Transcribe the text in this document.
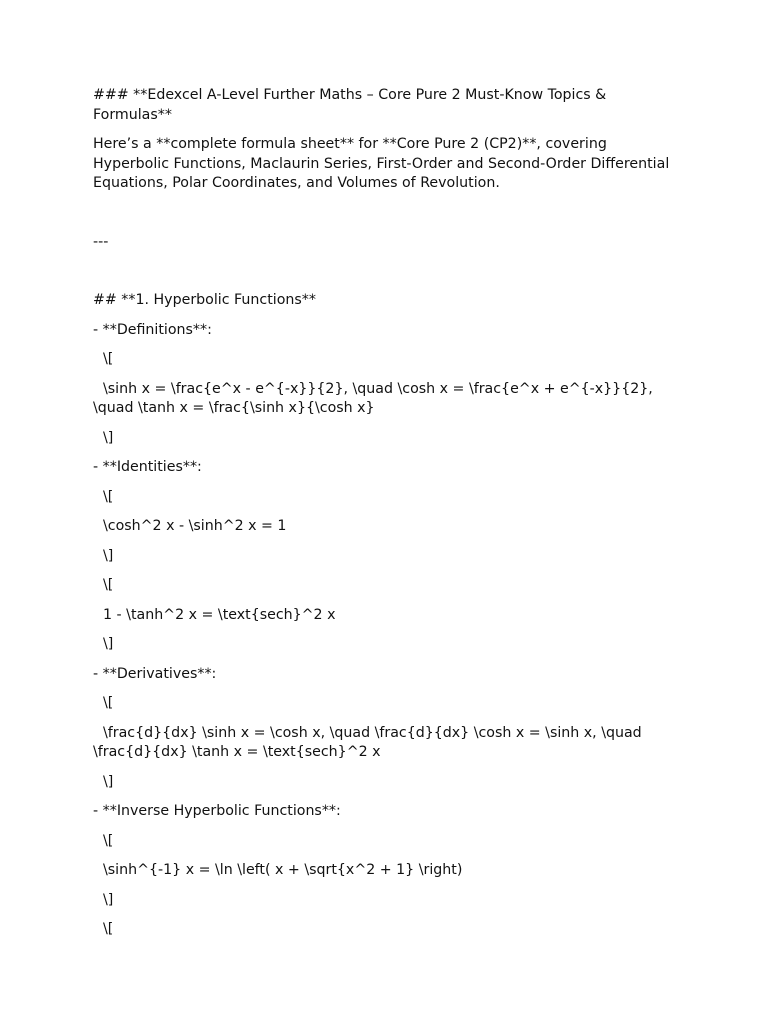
### **Edexcel A-Level Further Maths – Core Pure 2 Must-Know Topics & Formulas**

Here’s a **complete formula sheet** for **Core Pure 2 (CP2)**, covering Hyperbolic Functions, Maclaurin Series, First-Order and Second-Order Differential Equations, Polar Coordinates, and Volumes of Revolution.

---

## **1. Hyperbolic Functions**

- **Definitions**:

\[

\sinh x = \frac{e^x - e^{-x}}{2}, \quad \cosh x = \frac{e^x + e^{-x}}{2}, \quad \tanh x = \frac{\sinh x}{\cosh x}

\]

- **Identities**:

\[

\cosh^2 x - \sinh^2 x = 1

\]

\[

1 - \tanh^2 x = \text{sech}^2 x

\]

- **Derivatives**:

\[

\frac{d}{dx} \sinh x = \cosh x, \quad \frac{d}{dx} \cosh x = \sinh x, \quad \frac{d}{dx} \tanh x = \text{sech}^2 x

\]

- **Inverse Hyperbolic Functions**:

\[

\sinh^{-1} x = \ln \left( x + \sqrt{x^2 + 1} \right)

\]

\[
